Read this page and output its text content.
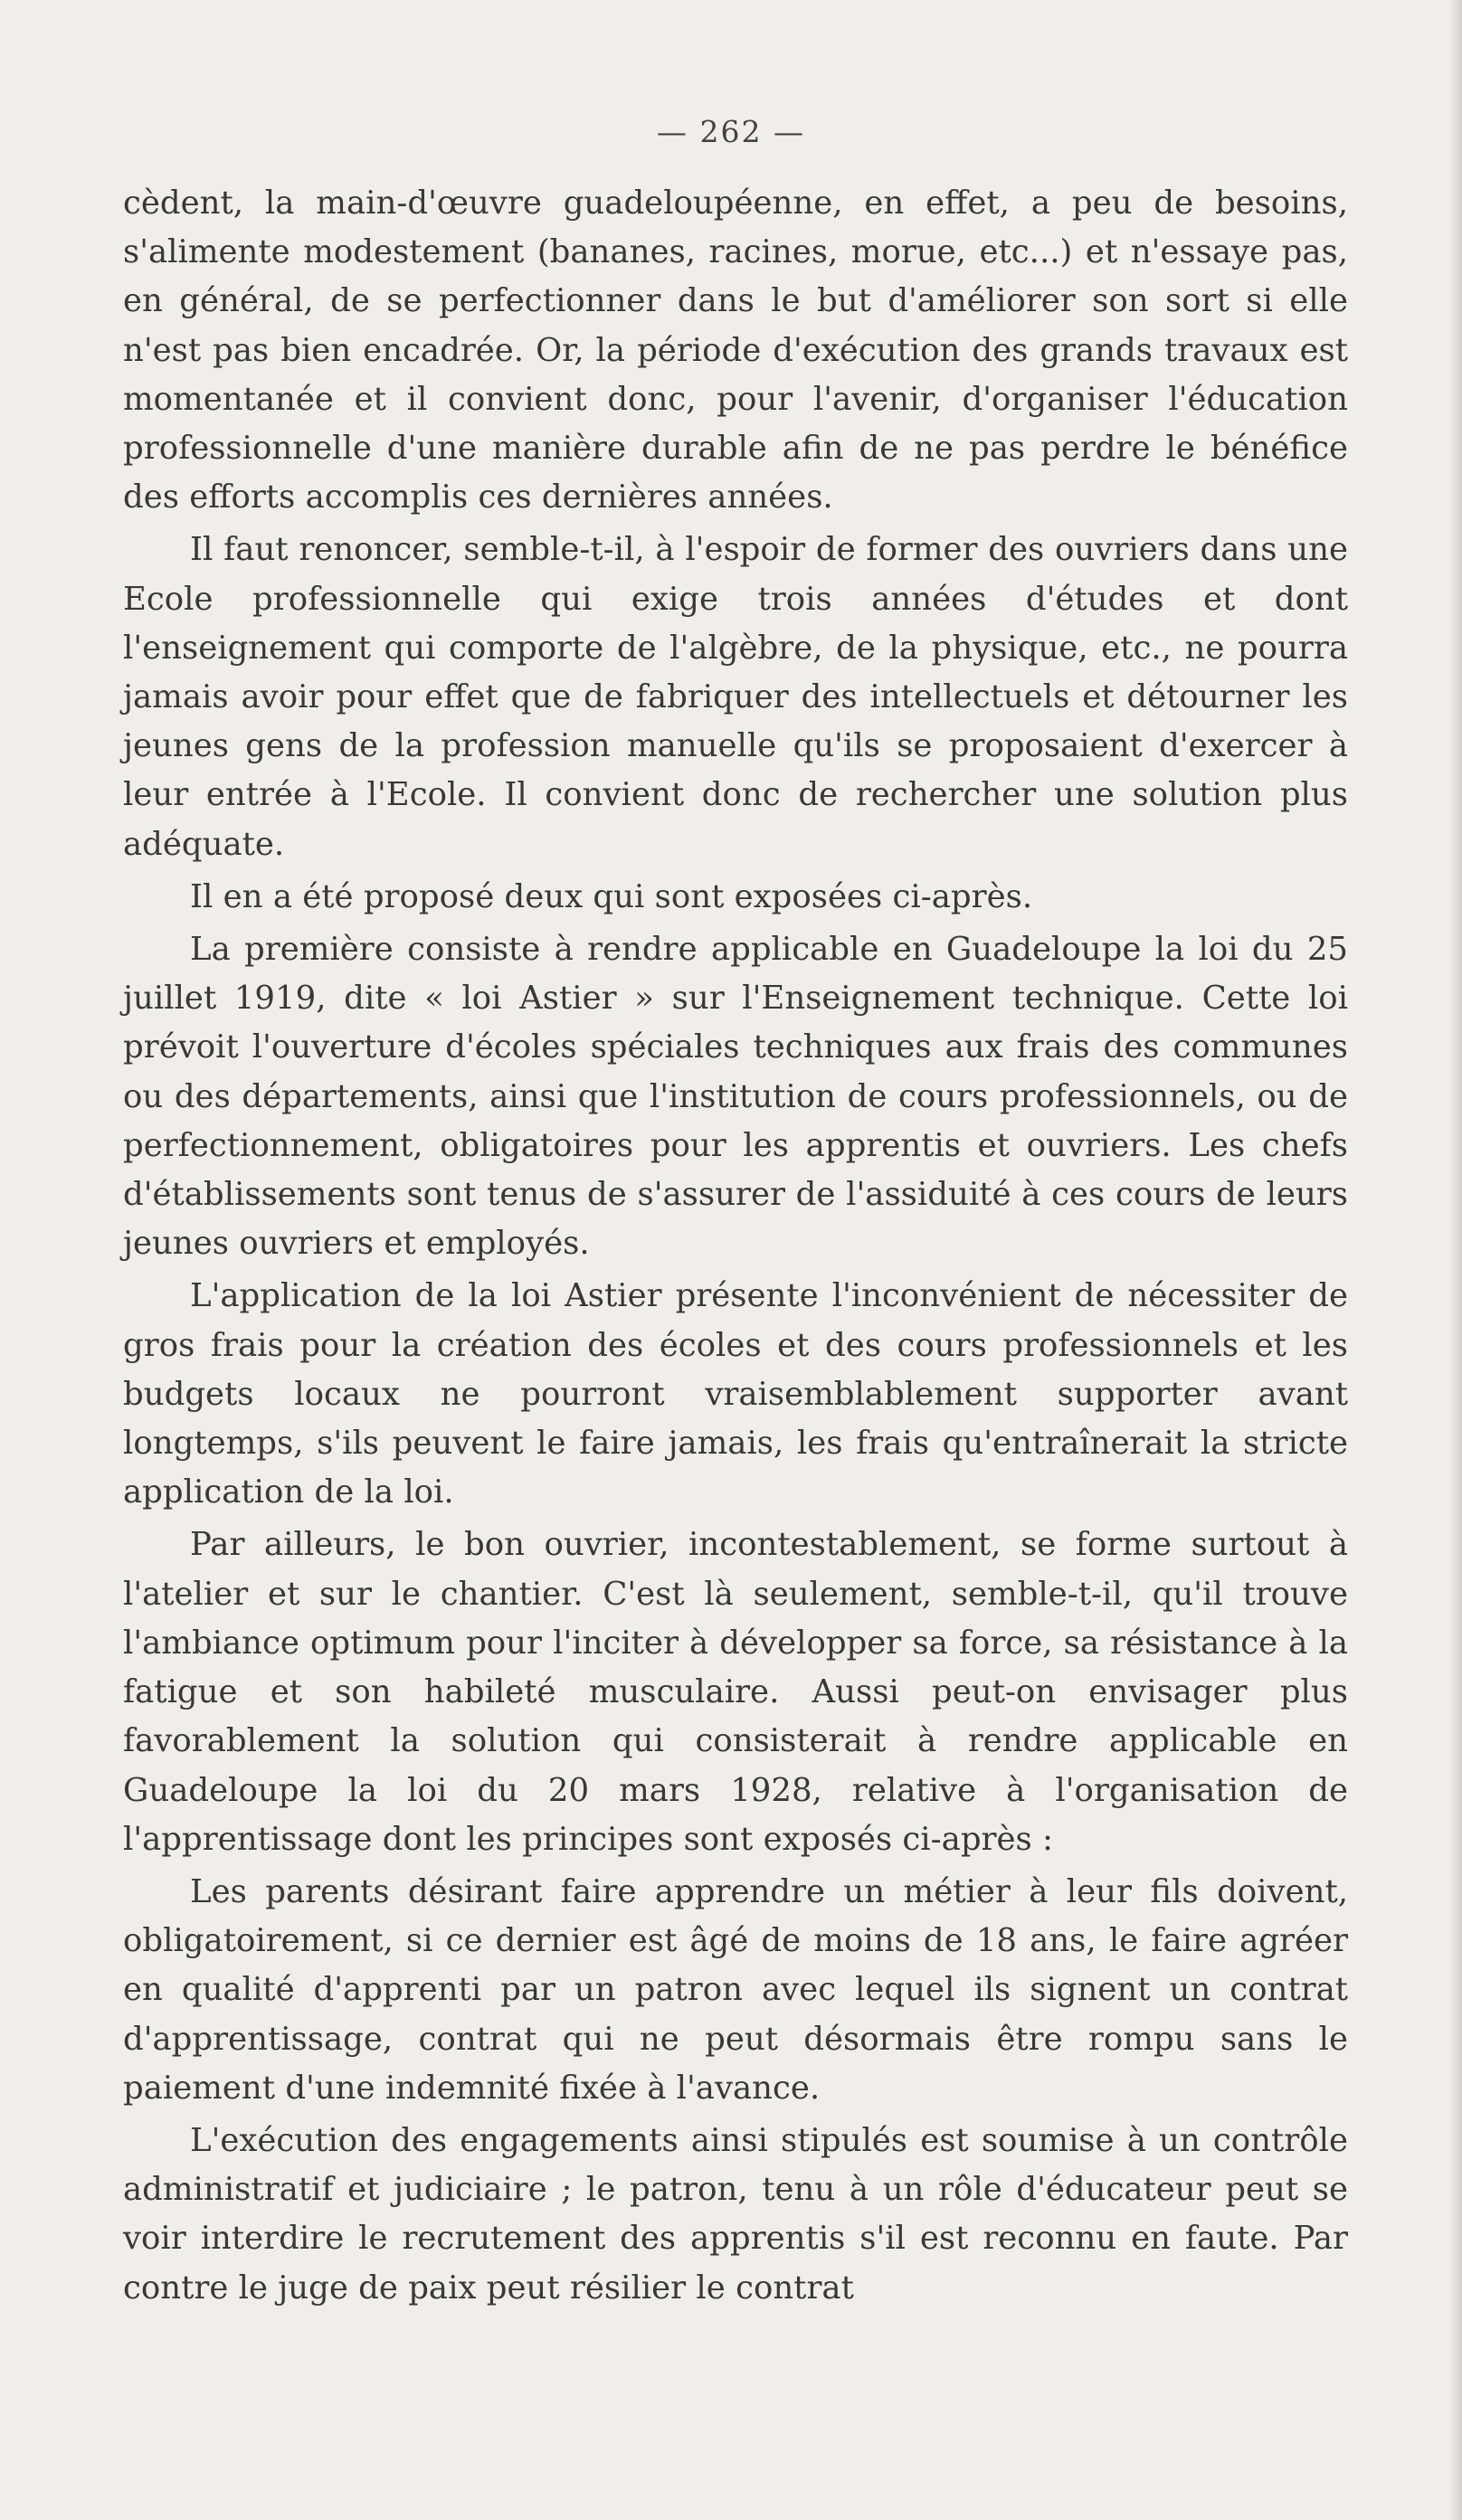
— 262 —

cèdent, la main-d'œuvre guadeloupéenne, en effet, a peu de besoins, s'alimente modestement (bananes, racines, morue, etc...) et n'essaye pas, en général, de se perfectionner dans le but d'améliorer son sort si elle n'est pas bien encadrée. Or, la période d'exécution des grands travaux est momentanée et il convient donc, pour l'avenir, d'organiser l'éducation professionnelle d'une manière durable afin de ne pas perdre le bénéfice des efforts accomplis ces dernières années.

Il faut renoncer, semble-t-il, à l'espoir de former des ouvriers dans une Ecole professionnelle qui exige trois années d'études et dont l'enseignement qui comporte de l'algèbre, de la physique, etc., ne pourra jamais avoir pour effet que de fabriquer des intellectuels et détourner les jeunes gens de la profession manuelle qu'ils se proposaient d'exercer à leur entrée à l'Ecole. Il convient donc de rechercher une solution plus adéquate.

Il en a été proposé deux qui sont exposées ci-après.

La première consiste à rendre applicable en Guadeloupe la loi du 25 juillet 1919, dite « loi Astier » sur l'Enseignement technique. Cette loi prévoit l'ouverture d'écoles spéciales techniques aux frais des communes ou des départements, ainsi que l'institution de cours professionnels, ou de perfectionnement, obligatoires pour les apprentis et ouvriers. Les chefs d'établissements sont tenus de s'assurer de l'assiduité à ces cours de leurs jeunes ouvriers et employés.

L'application de la loi Astier présente l'inconvénient de nécessiter de gros frais pour la création des écoles et des cours professionnels et les budgets locaux ne pourront vraisemblablement supporter avant longtemps, s'ils peuvent le faire jamais, les frais qu'entraînerait la stricte application de la loi.

Par ailleurs, le bon ouvrier, incontestablement, se forme surtout à l'atelier et sur le chantier. C'est là seulement, semble-t-il, qu'il trouve l'ambiance optimum pour l'inciter à développer sa force, sa résistance à la fatigue et son habileté musculaire. Aussi peut-on envisager plus favorablement la solution qui consisterait à rendre applicable en Guadeloupe la loi du 20 mars 1928, relative à l'organisation de l'apprentissage dont les principes sont exposés ci-après :

Les parents désirant faire apprendre un métier à leur fils doivent, obligatoirement, si ce dernier est âgé de moins de 18 ans, le faire agréer en qualité d'apprenti par un patron avec lequel ils signent un contrat d'apprentissage, contrat qui ne peut désormais être rompu sans le paiement d'une indemnité fixée à l'avance.

L'exécution des engagements ainsi stipulés est soumise à un contrôle administratif et judiciaire ; le patron, tenu à un rôle d'éducateur peut se voir interdire le recrutement des apprentis s'il est reconnu en faute. Par contre le juge de paix peut résilier le contrat
